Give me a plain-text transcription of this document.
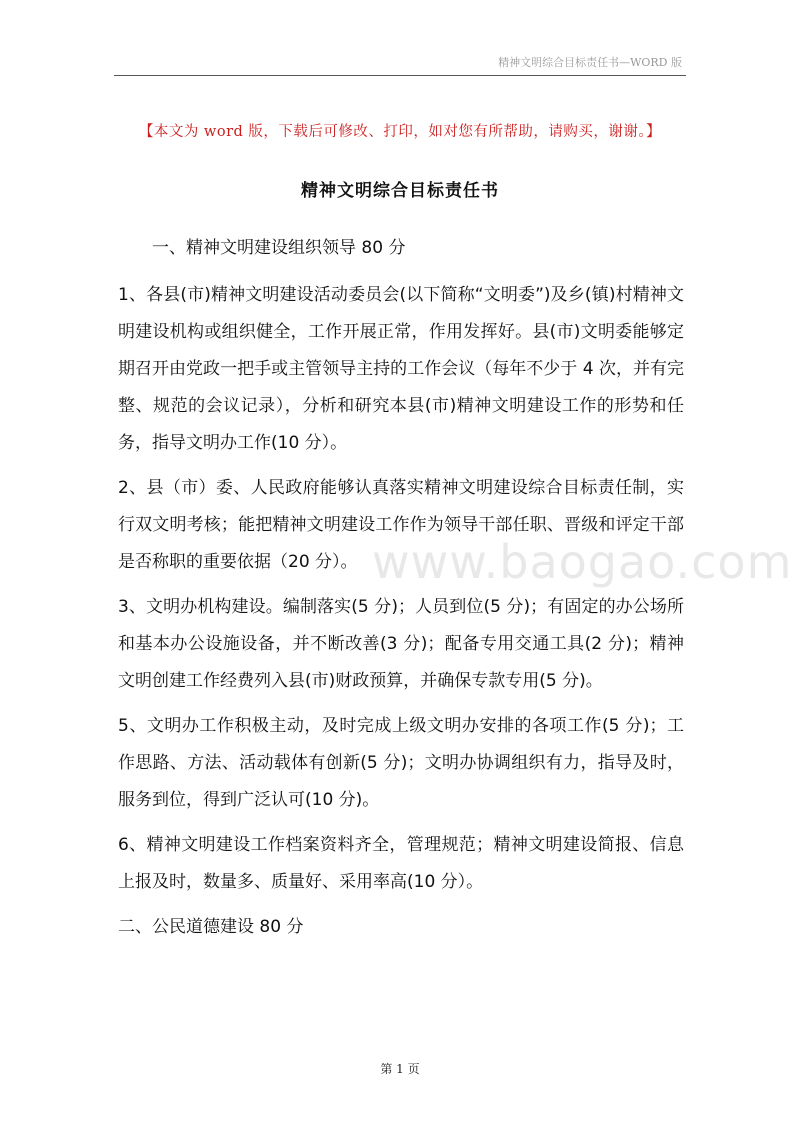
精神文明综合目标责任书—WORD 版
【本文为 word 版，下载后可修改、打印，如对您有所帮助，请购买，谢谢。】
精神文明综合目标责任书

一、精神文明建设组织领导 80 分

1、各县(市)精神文明建设活动委员会(以下简称“文明委”)及乡(镇)村精神文明建设机构或组织健全，工作开展正常，作用发挥好。县(市)文明委能够定期召开由党政一把手或主管领导主持的工作会议（每年不少于 4 次，并有完整、规范的会议记录），分析和研究本县(市)精神文明建设工作的形势和任务，指导文明办工作(10 分）。

2、县（市）委、人民政府能够认真落实精神文明建设综合目标责任制，实行双文明考核；能把精神文明建设工作作为领导干部任职、晋级和评定干部是否称职的重要依据（20 分）。

3、文明办机构建设。编制落实(5 分)；人员到位(5 分)；有固定的办公场所和基本办公设施设备，并不断改善(3 分)；配备专用交通工具(2 分)；精神文明创建工作经费列入县(市)财政预算，并确保专款专用(5 分)。

5、文明办工作积极主动，及时完成上级文明办安排的各项工作(5 分)；工作思路、方法、活动载体有创新(5 分)；文明办协调组织有力，指导及时，服务到位，得到广泛认可(10 分)。

6、精神文明建设工作档案资料齐全，管理规范；精神文明建设简报、信息上报及时，数量多、质量好、采用率高(10 分）。

二、公民道德建设 80 分

www.baogao.com
第 1 页
